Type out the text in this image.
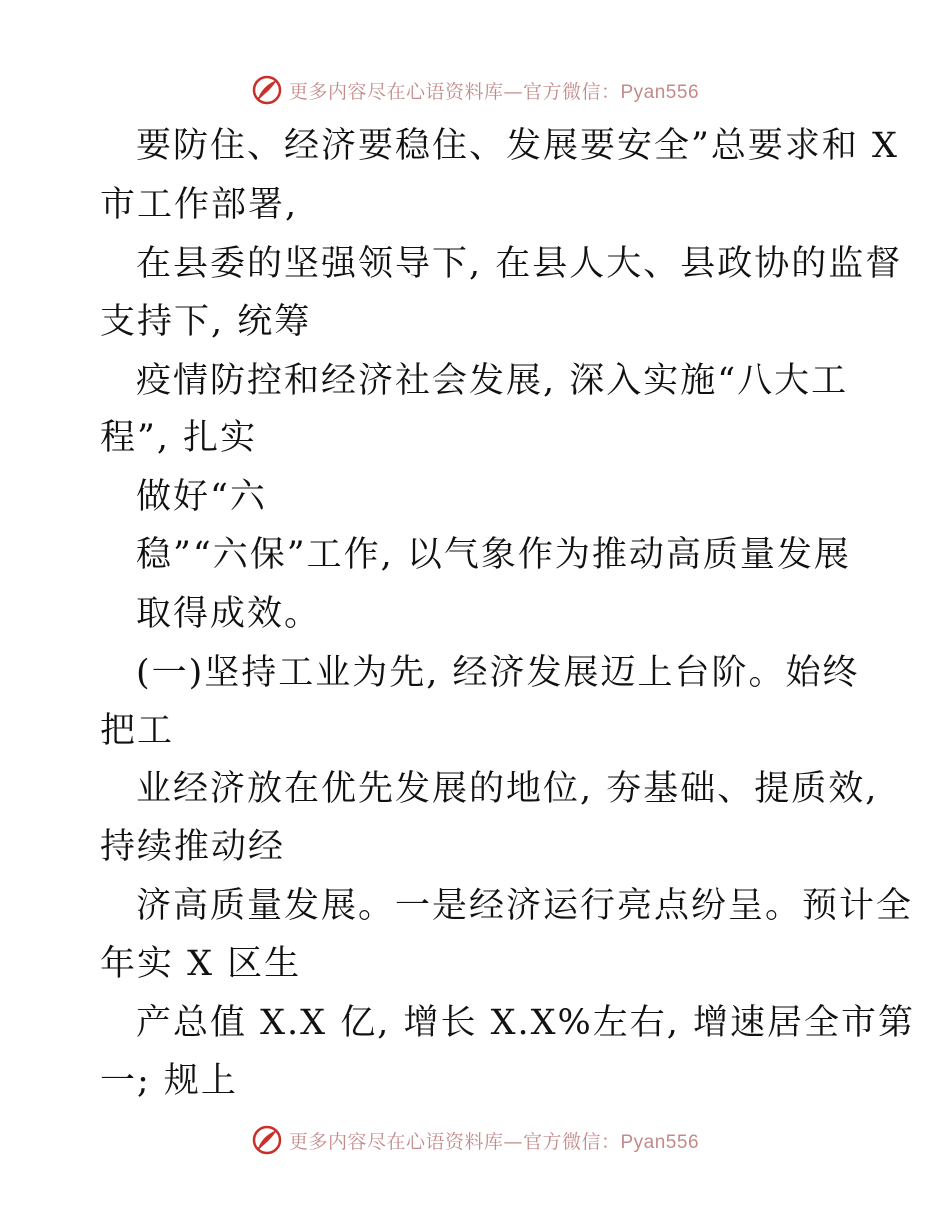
更多内容尽在心语资料库—官方微信：Pyan556
要防住、经济要稳住、发展要安全”总要求和 X
市工作部署,
在县委的坚强领导下, 在县人大、县政协的监督
支持下, 统筹
疫情防控和经济社会发展, 深入实施“八大工
程”, 扎实
做好“六
稳”“六保”工作, 以气象作为推动高质量发展
取得成效。
(一)坚持工业为先, 经济发展迈上台阶。始终
把工
业经济放在优先发展的地位, 夯基础、提质效,
持续推动经
济高质量发展。一是经济运行亮点纷呈。预计全
年实 X 区生
产总值 X.X 亿, 增长 X.X%左右, 增速居全市第
一; 规上
更多内容尽在心语资料库—官方微信：Pyan556
